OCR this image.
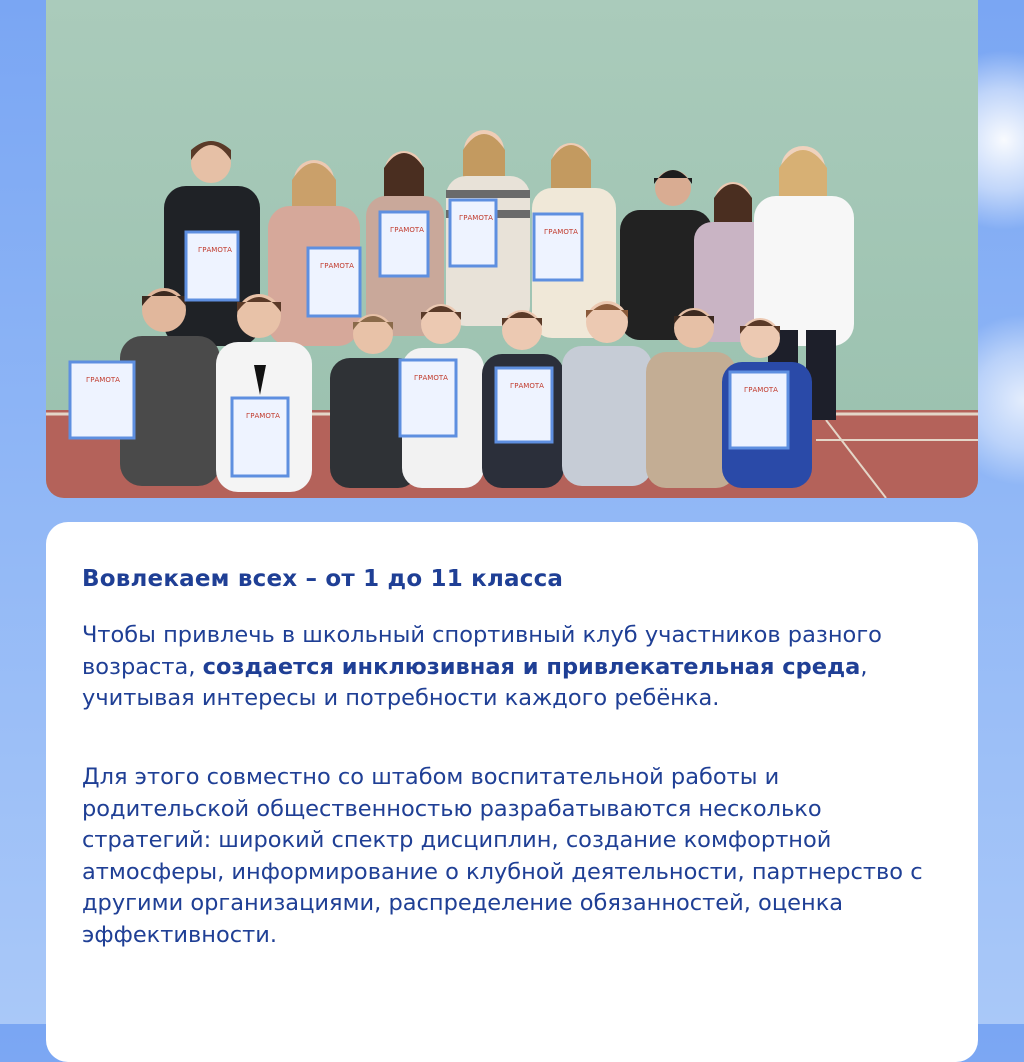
ГРАМОТА
ГРАМОТА
ГРАМОТА
ГРАМОТА
ГРАМОТА
ГРАМОТА
ГРАМОТА
ГРАМОТА
ГРАМОТА	ГРАМОТА
Вовлекаем всех – от 1 до 11 класса

Чтобы привлечь в школьный спортивный клуб участников разного возраста, создается инклюзивная и привлекательная среда, учитывая интересы и потребности каждого ребёнка.

Для этого совместно со штабом воспитательной работы и родительской общественностью разрабатываются несколько стратегий: широкий спектр дисциплин, создание комфортной атмосферы, информирование о клубной деятельности, партнерство с другими организациями, распределение обязанностей, оценка эффективности.
